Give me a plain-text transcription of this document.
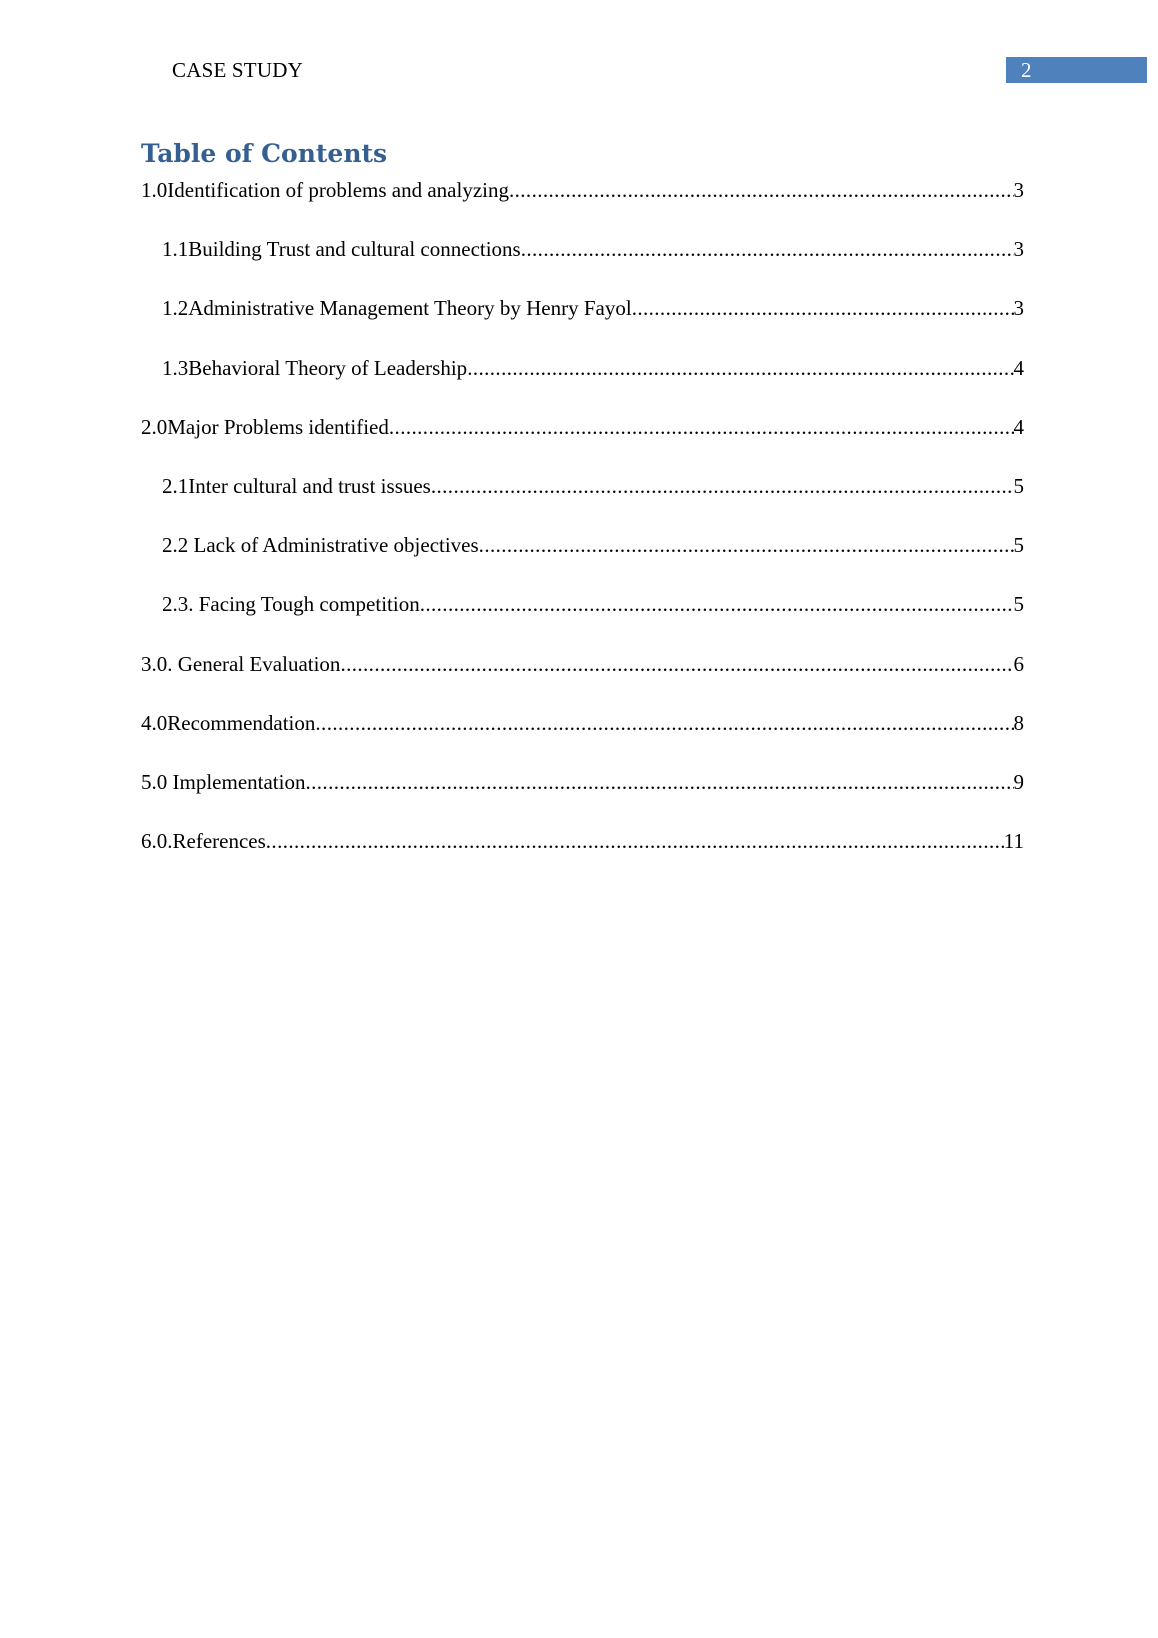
CASE STUDY	2
Table of Contents
1.0Identification of problems and analyzing .....	3
1.1Building Trust and cultural connections .....	3
1.2Administrative Management Theory by Henry Fayol .....	3
1.3Behavioral Theory of Leadership .....	4
2.0Major Problems identified .....	4
2.1Inter cultural and trust issues .....	5
2.2 Lack of Administrative objectives .....	5
2.3. Facing Tough competition .....	5
3.0. General Evaluation .....	6
4.0Recommendation .....	8
5.0 Implementation .....	9
6.0.References .....	11
